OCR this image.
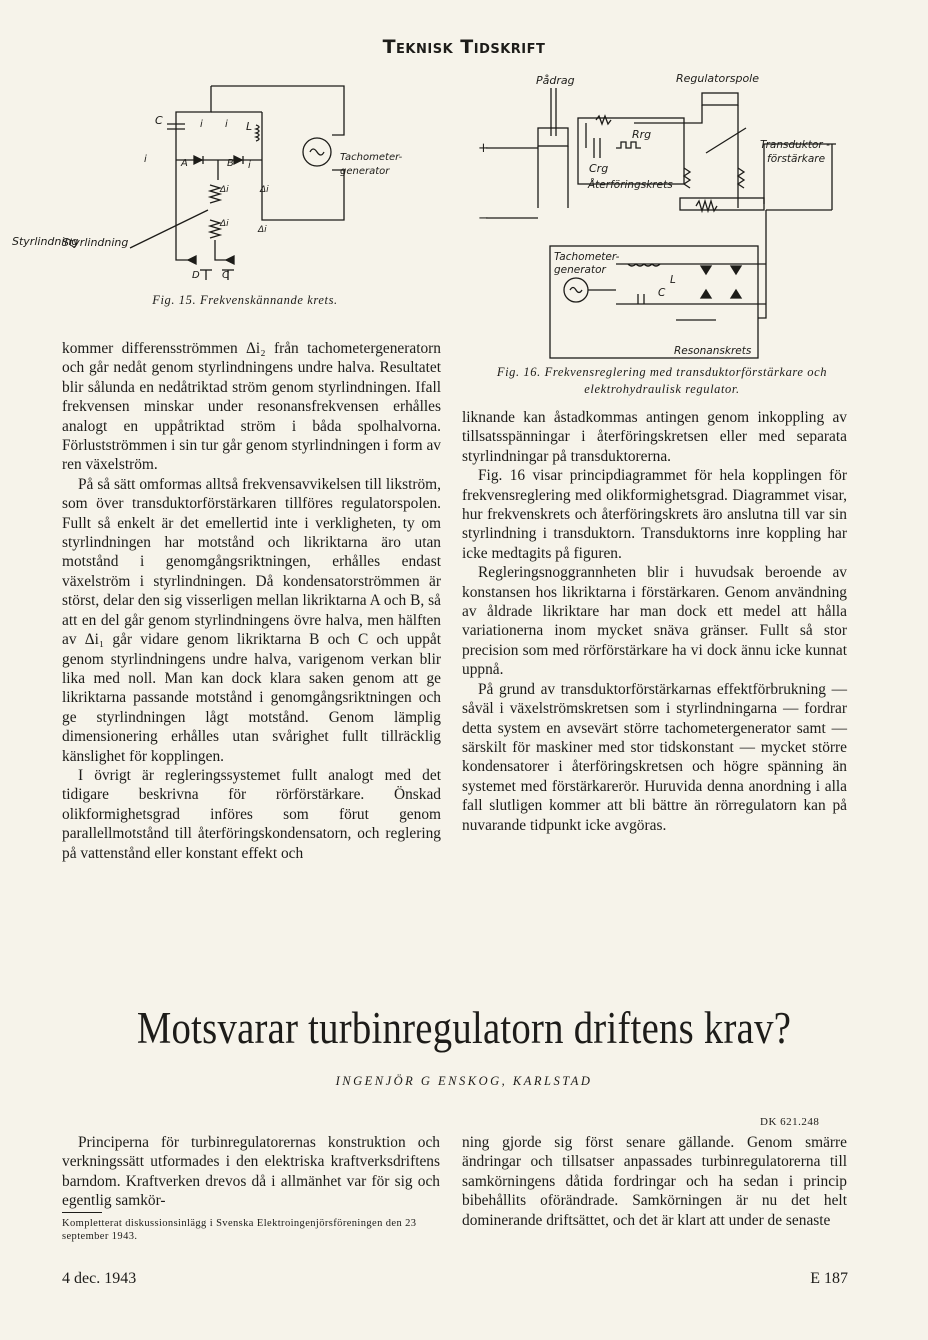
Teknisk Tidskrift
C	L
A	B
D C
i i
i
i
Δi	Δi
Δi
Δi
Tachometer-
generator
Styrlindning
Styrlindning
Fig. 15. Frekvenskännande krets.
Pådrag	Regulatorspole
Rrg
Crg
Återföringskrets
Transduktor -
förstärkare
+
−
Tachometer-
generator
L
C
Resonanskrets
Fig. 16. Frekvensreglering med transduktorförstärkare och
elektrohydraulisk regulator.

kommer differensströmmen Δi₂ från tachometergeneratorn och går nedåt genom styrlindningens undre halva. Resultatet blir sålunda en nedåtriktad ström genom styrlindningen. Ifall frekvensen minskar under resonansfrekvensen erhålles analogt en uppåtriktad ström i båda spolhalvorna. Förlustströmmen i sin tur går genom styrlindningen i form av ren växelström.

På så sätt omformas alltså frekvensavvikelsen till likström, som över transduktorförstärkaren tillföres regulatorspolen. Fullt så enkelt är det emellertid inte i verkligheten, ty om styrlindningen har motstånd och likriktarna äro utan motstånd i genomgångsriktningen, erhålles endast växelström i styrlindningen. Då kondensatorströmmen är störst, delar den sig visserligen mellan likriktarna A och B, så att en del går genom styrlindningens övre halva, men hälften av Δi₁ går vidare genom likriktarna B och C och uppåt genom styrlindningens undre halva, varigenom verkan blir lika med noll. Man kan dock klara saken genom att ge likriktarna passande motstånd i genomgångsriktningen och ge styrlindningen lågt motstånd. Genom lämplig dimensionering erhålles utan svårighet fullt tillräcklig känslighet för kopplingen.

I övrigt är regleringssystemet fullt analogt med det tidigare beskrivna för rörförstärkare. Önskad olikformighetsgrad införes som förut genom parallellmotstånd till återföringskondensatorn, och reglering på vattenstånd eller konstant effekt och

liknande kan åstadkommas antingen genom inkoppling av tillsatsspänningar i återföringskretsen eller med separata styrlindningar på transduktorerna.

Fig. 16 visar principdiagrammet för hela kopplingen för frekvensreglering med olikformighetsgrad. Diagrammet visar, hur frekvenskrets och återföringskrets äro anslutna till var sin styrlindning i transduktorn. Transduktorns inre koppling har icke medtagits på figuren.

Regleringsnoggrannheten blir i huvudsak beroende av konstansen hos likriktarna i förstärkaren. Genom användning av åldrade likriktare har man dock ett medel att hålla variationerna inom mycket snäva gränser. Fullt så stor precision som med rörförstärkare ha vi dock ännu icke kunnat uppnå.

På grund av transduktorförstärkarnas effektförbrukning — såväl i växelströmskretsen som i styrlindningarna — fordrar detta system en avsevärt större tachometergenerator samt — särskilt för maskiner med stor tidskonstant — mycket större kondensatorer i återföringskretsen och högre spänning än systemet med förstärkarerör. Huruvida denna anordning i alla fall slutligen kommer att bli bättre än rörregulatorn kan på nuvarande tidpunkt icke avgöras.

Motsvarar turbinregulatorn driftens krav?
INGENJÖR G ENSKOG, KARLSTAD
DK 621.248
Principerna för turbinregulatorernas konstruktion och verkningssätt utformades i den elektriska kraftverksdriftens barndom. Kraftverken drevos då i allmänhet var för sig och egentlig samkör-
Kompletterat diskussionsinlägg i Svenska Elektroingenjörsföreningen den 23 september 1943.
ning gjorde sig först senare gällande. Genom smärre ändringar och tillsatser anpassades turbinregulatorerna till samkörningens dåtida fordringar och ha sedan i princip bibehållits oförändrade. Samkörningen är nu det helt dominerande driftsättet, och det är klart att under de senaste
4 dec. 1943	E 187
